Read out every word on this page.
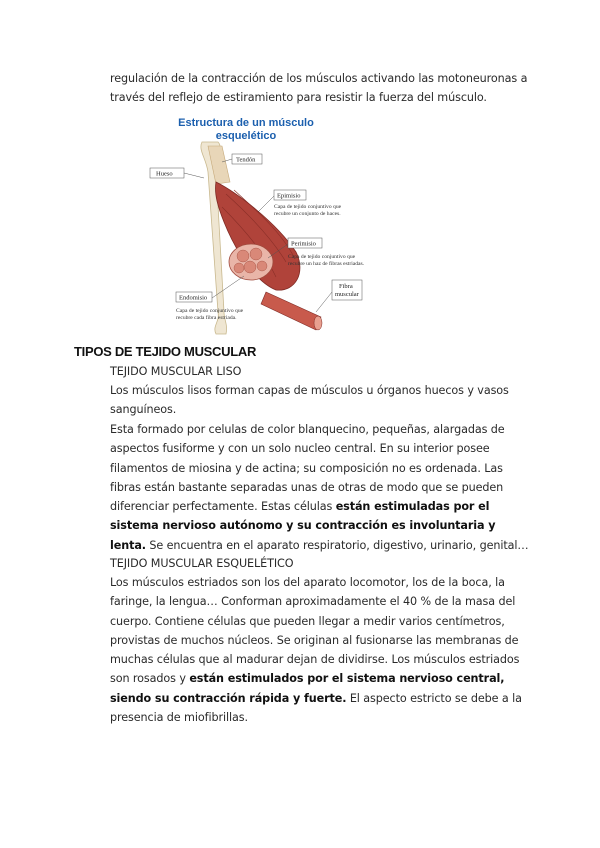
regulación de la contracción de los músculos activando las motoneuronas a través del reflejo de estiramiento para resistir la fuerza del músculo.

Estructura de un músculo
esquelético
Tendón
Hueso
Epimisio
Capa de tejido conjuntivo que
recubre un conjunto de haces.
Perimisio
Capa de tejido conjuntivo que
recubre un haz de fibras estriadas.
Fibra
muscular
Endomisio
Capa de tejido conjuntivo que
recubre cada fibra estriada.
TIPOS DE TEJIDO MUSCULAR

TEJIDO MUSCULAR LISO

Los músculos lisos forman capas de músculos u órganos huecos y vasos sanguíneos.

Esta formado por celulas de color blanquecino, pequeñas, alargadas de aspectos fusiforme y con un solo nucleo central. En su interior posee filamentos de miosina y de actina; su composición no es ordenada. Las fibras están bastante separadas unas de otras de modo que se pueden diferenciar perfectamente. Estas células están estimuladas por el sistema nervioso autónomo y su contracción es involuntaria y lenta. Se encuentra en el aparato respiratorio, digestivo, urinario, genital…

TEJIDO MUSCULAR ESQUELÉTICO

Los músculos estriados son los del aparato locomotor, los de la boca, la faringe, la lengua… Conforman aproximadamente el 40 % de la masa del cuerpo. Contiene células que pueden llegar a medir varios centímetros, provistas de muchos núcleos. Se originan al fusionarse las membranas de muchas células que al madurar dejan de dividirse. Los músculos estriados son rosados y están estimulados por el sistema nervioso central, siendo su contracción rápida y fuerte. El aspecto estricto se debe a la presencia de miofibrillas.
